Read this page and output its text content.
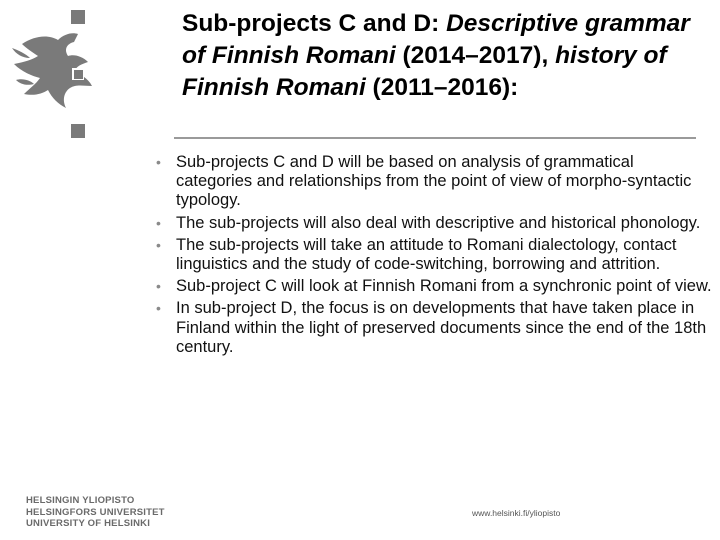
Sub-projects C and D: Descriptive grammar of Finnish Romani (2014–2017), history of Finnish Romani (2011–2016):
• Sub-projects C and D will be based on analysis of grammatical categories and relationships from the point of view of morpho-syntactic typology.
• The sub-projects will also deal with descriptive and historical phonology.
• The sub-projects will take an attitude to Romani dialectology, contact linguistics and the study of code-switching, borrowing and attrition.
• Sub-project C will look at Finnish Romani from a synchronic point of view.
• In sub-project D, the focus is on developments that have taken place in Finland within the light of preserved documents since the end of the 18th century.
HELSINGIN YLIOPISTO
HELSINGFORS UNIVERSITET
UNIVERSITY OF HELSINKI
www.helsinki.fi/yliopisto
